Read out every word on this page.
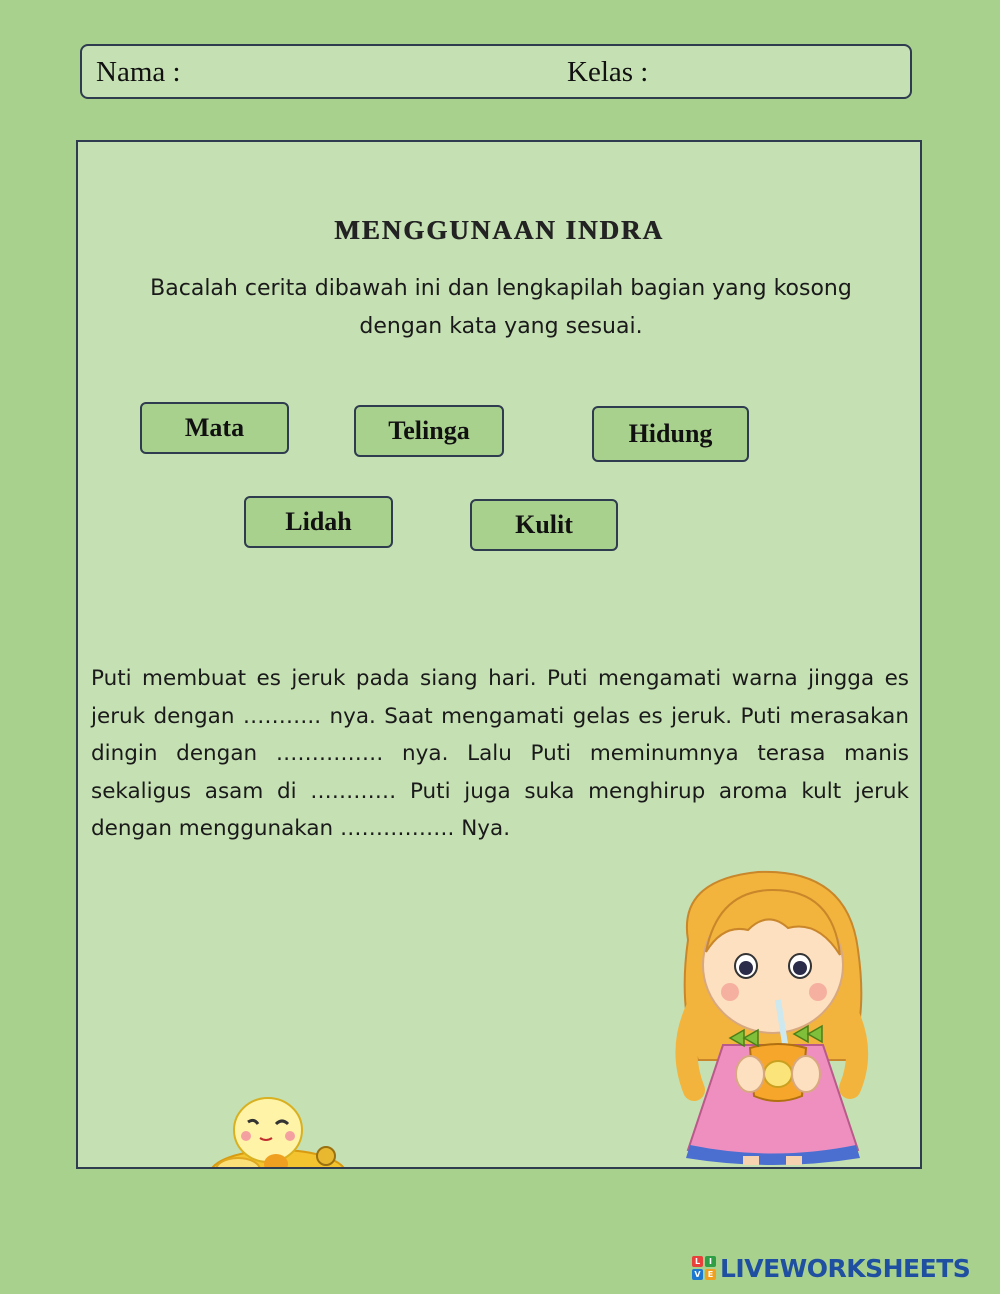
Nama :	Kelas :
MENGGUNAAN INDRA
Bacalah cerita dibawah ini dan lengkapilah bagian yang kosong dengan kata yang sesuai.
Mata	Telinga	Hidung
Lidah	Kulit
Puti membuat es jeruk pada siang hari. Puti mengamati warna jingga es jeruk dengan ……….. nya. Saat mengamati gelas es jeruk. Puti merasakan dingin dengan …………… nya. Lalu Puti meminumnya terasa manis sekaligus asam di ………… Puti juga suka menghirup aroma kult jeruk dengan menggunakan ……………. Nya.
L	I
V E LIVEWORKSHEETS
